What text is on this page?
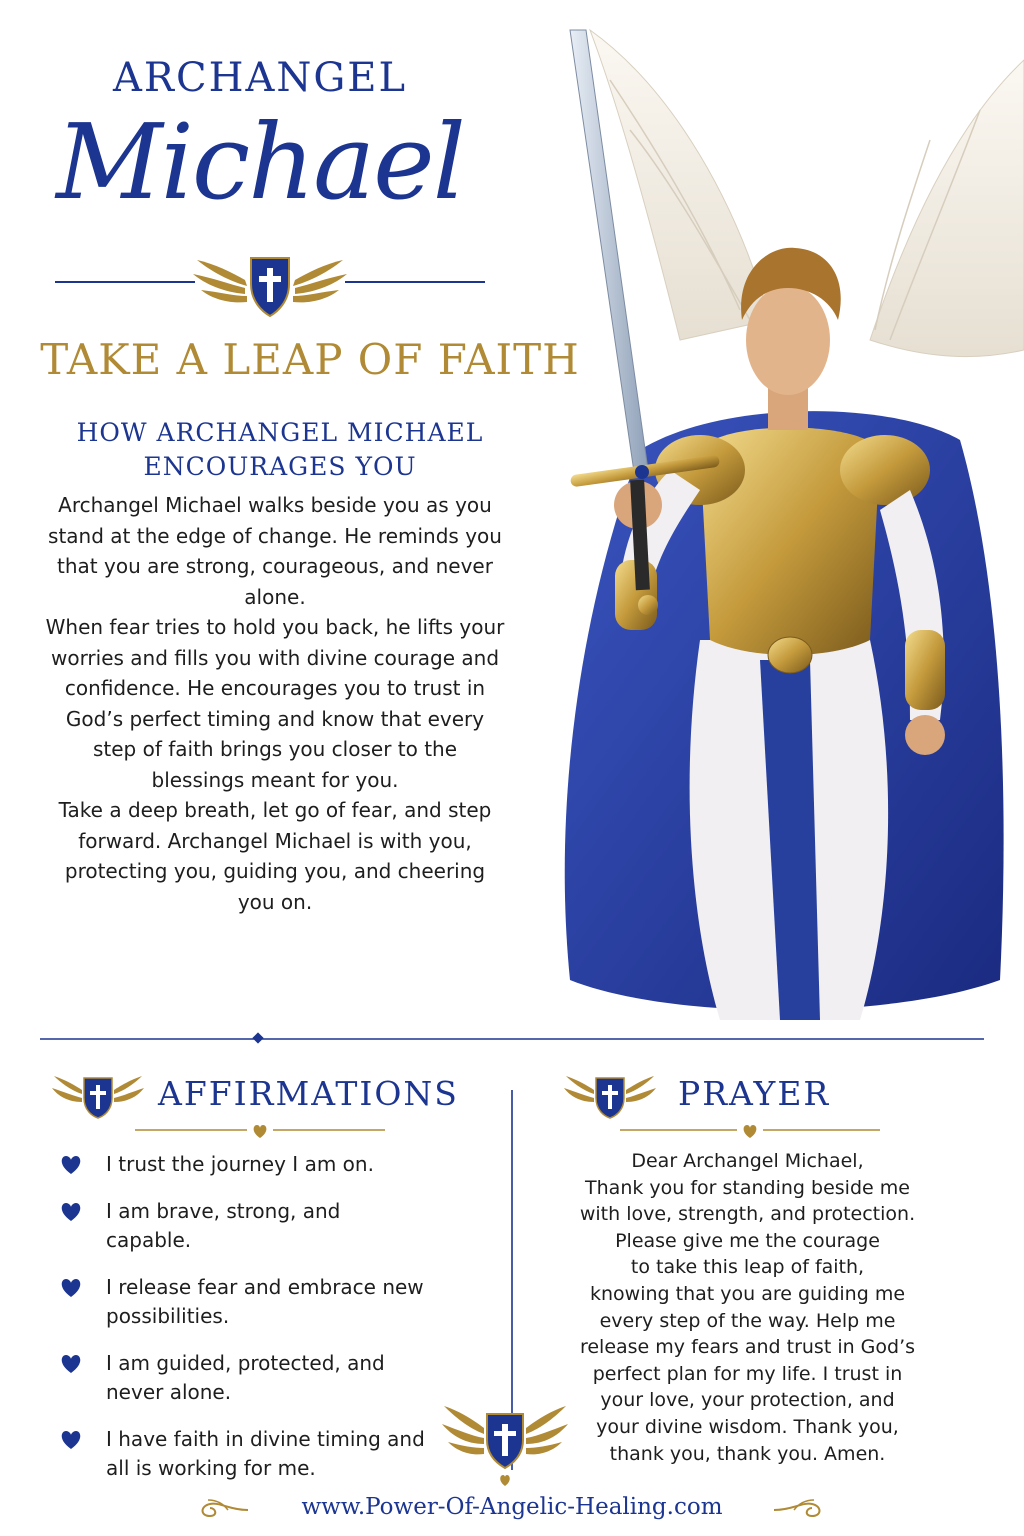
ARCHANGEL
Michael
TAKE A LEAP OF FAITH
HOW ARCHANGEL MICHAEL
ENCOURAGES YOU

Archangel Michael walks beside you as you stand at the edge of change. He reminds you that you are strong, courageous, and never alone.

When fear tries to hold you back, he lifts your worries and fills you with divine courage and confidence. He encourages you to trust in God’s perfect timing and know that every step of faith brings you closer to the blessings meant for you.

Take a deep breath, let go of fear, and step forward. Archangel Michael is with you, protecting you, guiding you, and cheering you on.

AFFIRMATIONS
I trust the journey I am on.
I am brave, strong, and capable.
I release fear and embrace new possibilities.
I am guided, protected, and never alone.
I have faith in divine timing and all is working for me.
PRAYER
Dear Archangel Michael,
Thank you for standing beside me
with love, strength, and protection.
Please give me the courage
to take this leap of faith,
knowing that you are guiding me
every step of the way. Help me
release my fears and trust in God’s
perfect plan for my life. I trust in
your love, your protection, and
your divine wisdom. Thank you,
thank you, thank you. Amen.
www.Power-Of-Angelic-Healing.com
